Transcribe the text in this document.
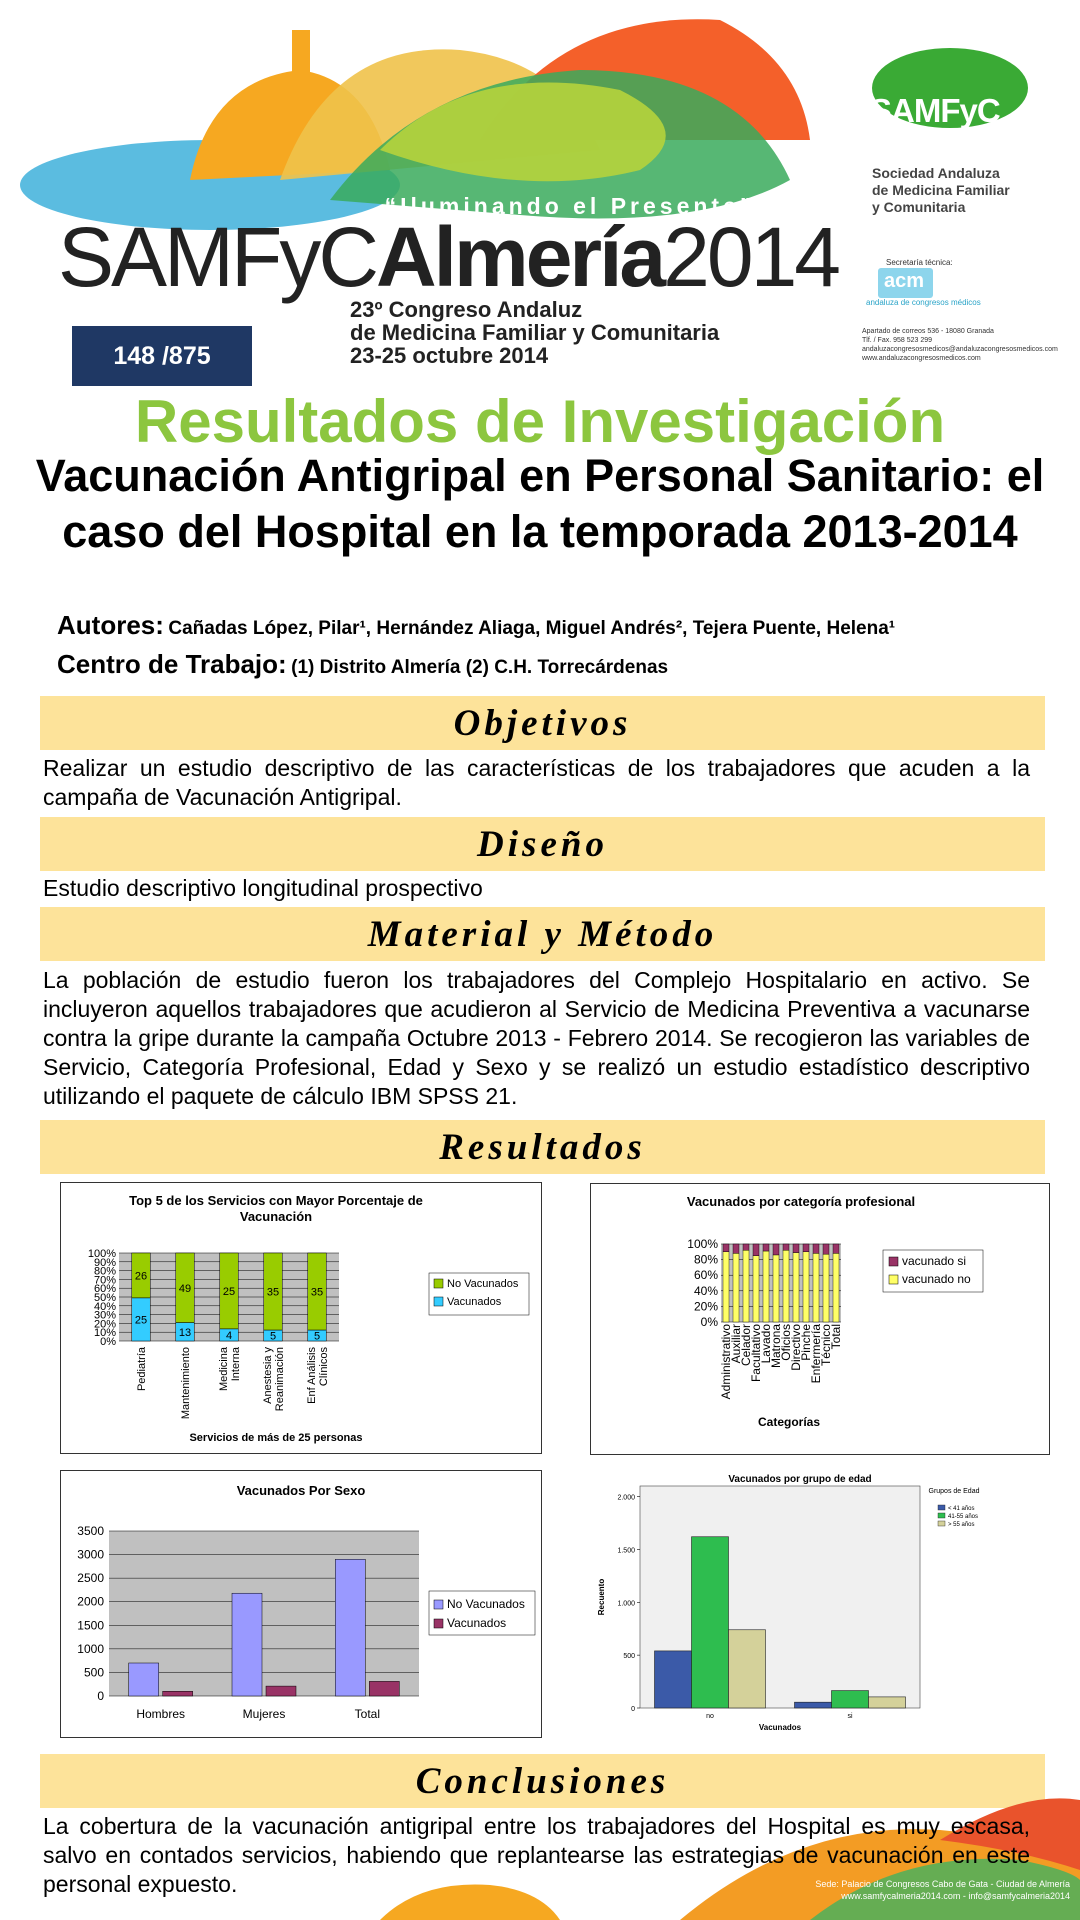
“Iluminando el Presente”
SAMFyCAlmería2014
23º Congreso Andaluz
de Medicina Familiar y Comunitaria
23-25 octubre 2014
148 /875
SAMFyC
Sociedad Andaluza
de Medicina Familiar
y Comunitaria
Secretaría técnica:
acm
andaluza de congresos médicos
Apartado de correos 536 - 18080 Granada
Tlf. / Fax. 958 523 299
andaluzacongresosmedicos@andaluzacongresosmedicos.com
www.andaluzacongresosmedicos.com
Resultados de Investigación
Vacunación Antigripal en Personal Sanitario: el caso del Hospital en la temporada 2013-2014
Autores: Cañadas López, Pilar¹, Hernández Aliaga, Miguel Andrés², Tejera Puente, Helena¹
Centro de Trabajo: (1) Distrito Almería (2) C.H. Torrecárdenas
Objetivos
Realizar un estudio descriptivo de las características de los trabajadores que acuden a la campaña de Vacunación Antigripal.
Diseño
Estudio descriptivo longitudinal prospectivo
Material y Método
La población de estudio fueron los trabajadores del Complejo Hospitalario en activo. Se incluyeron aquellos trabajadores que acudieron al Servicio de Medicina Preventiva a vacunarse contra la gripe durante la campaña Octubre 2013 - Febrero 2014. Se recogieron las variables de Servicio, Categoría Profesional, Edad y Sexo y se realizó un estudio estadístico descriptivo utilizando el paquete de cálculo IBM SPSS 21.
Resultados
Top 5 de los Servicios con Mayor Porcentaje de
Vacunación
0%
10%
20%
30%
40%
50%
60%
70%
80%
90%
100%
25
26
Pediatría
13
49
Mantenimiento
4
25
Medicina Interna
5
35
Anestesia y Reanimación
5
35
Enf Análisis Clínicos
Servicios de más de 25 personas
No Vacunados
Vacunados
Vacunados por categoría profesional
0%
20%
40%
60%
80%
100%
Administrativo
Auxiliar
Celador
Facultativo
Lavado
Matrona
Oficios
Directivo
Pinche
Enfermería
Técnico
Total
Categorías
vacunado si
vacunado no
Vacunados Por Sexo
0
500
1000
1500
2000
2500
3000
3500
Hombres	Mujeres	Total
No Vacunados
Vacunados
Vacunados por grupo de edad
0
500
1.000
1.500
2.000
no	si
Vacunados
Recuento
Grupos de Edad
< 41 años
41-55 años
> 55 años
Conclusiones
La cobertura de la vacunación antigripal entre los trabajadores del Hospital es muy escasa, salvo en contados servicios, habiendo que replantearse las estrategias de vacunación en este personal expuesto.	Sede: Palacio de Congresos Cabo de Gata - Ciudad de Almería
www.samfycalmeria2014.com - info@samfycalmeria2014
